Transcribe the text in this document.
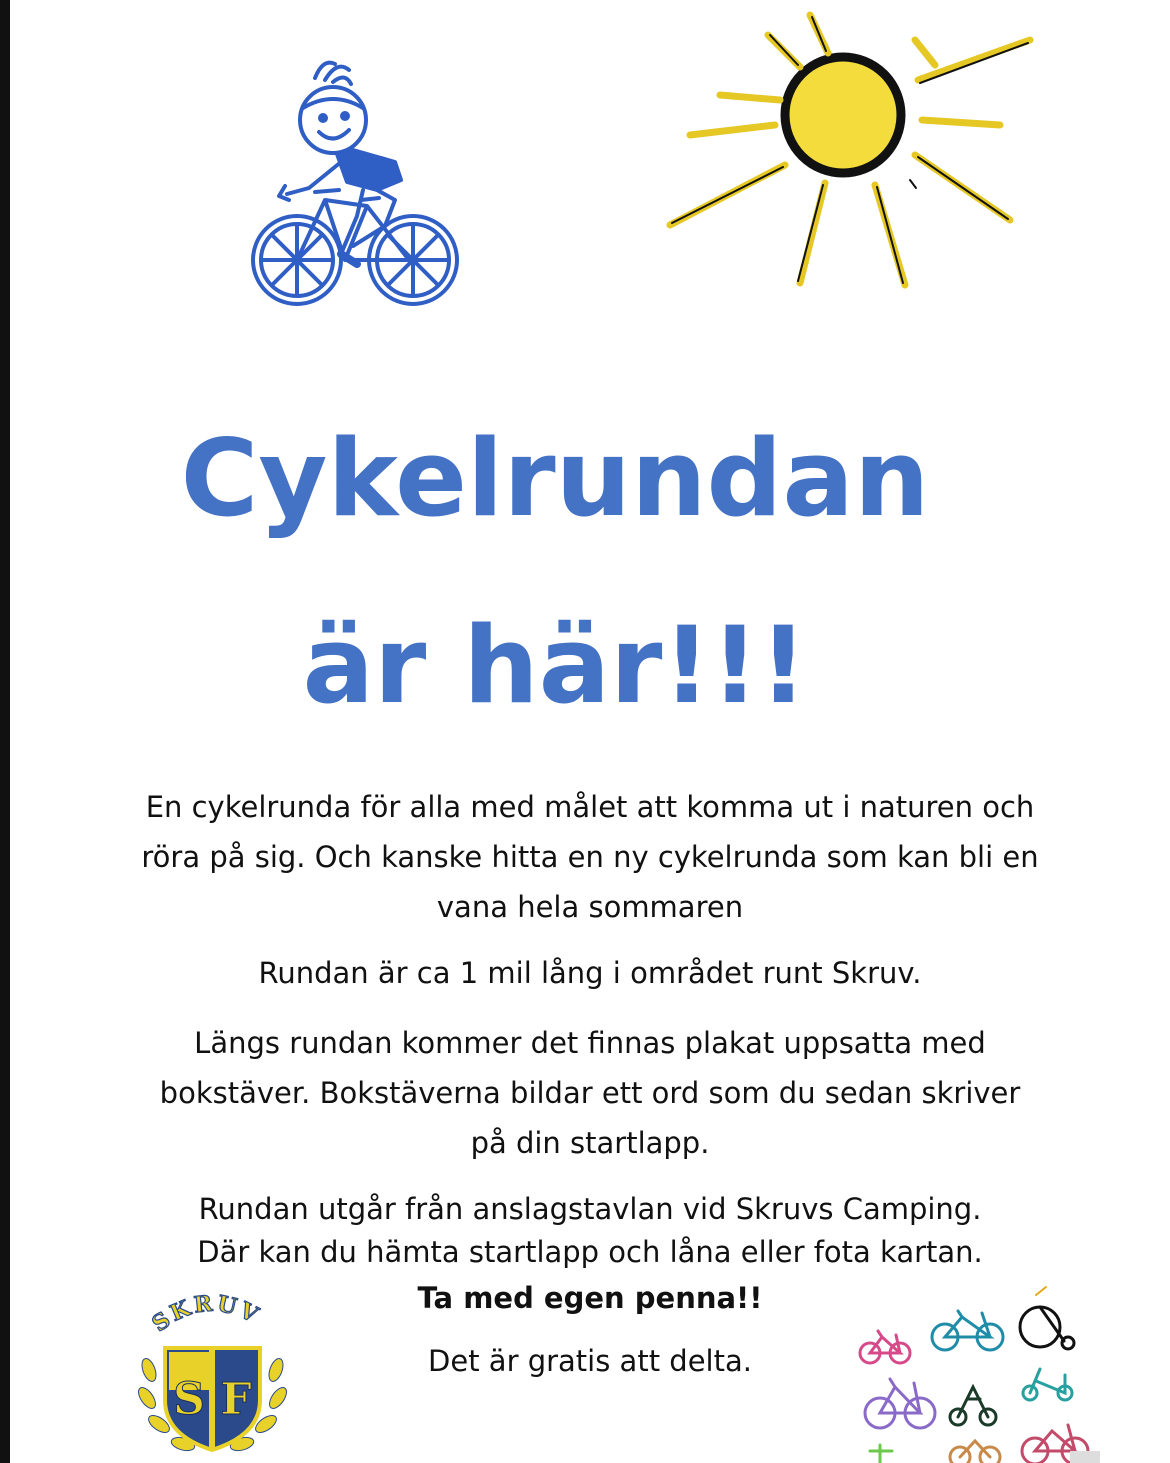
Cykelrundan
är här!!!

En cykelrunda för alla med målet att komma ut i naturen och röra på sig. Och kanske hitta en ny cykelrunda som kan bli en vana hela sommaren

Rundan är ca 1 mil lång i området runt Skruv.

Längs rundan kommer det finnas plakat uppsatta med bokstäver. Bokstäverna bildar ett ord som du sedan skriver på din startlapp.

Rundan utgår från anslagstavlan vid Skruvs Camping.
Där kan du hämta startlapp och låna eller fota kartan.

Ta med egen penna!!

Det är gratis att delta.

SKRUV
S F
